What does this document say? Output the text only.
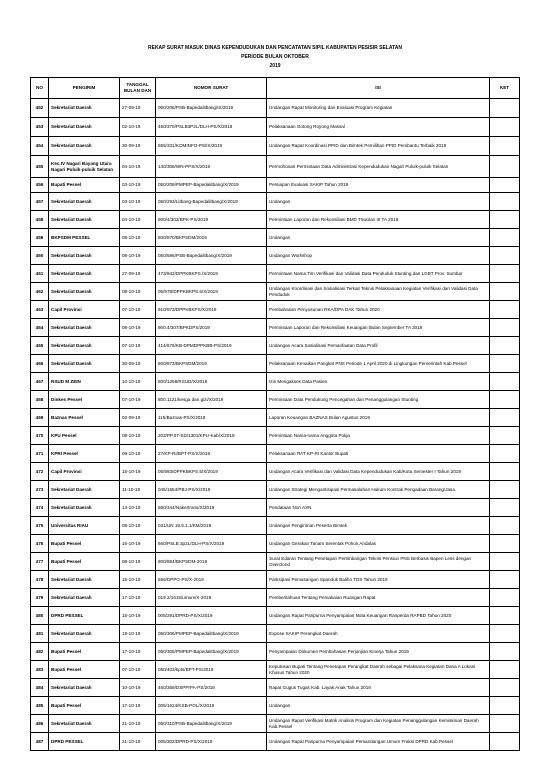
REKAP SURAT MASUK DINAS KEPENDUDUKAN DAN PENCATATAN SIPIL KABUPATEN PESISIR SELATAN
PERIODE BULAN OKTOBER
2019
NO	PENGIRIM	TANGGAL BULAN DAN	NOMOR SURAT	ISI	KET
452	Sekretariat Daerah	27-09-19	050/206/PSB-Bapedalitbang/IX/2019	Undangan Rapat Monitoring dan Evaluasi Program Kegiatan	
453	Sekretariat Daerah	02-10-19	460/370/PSLB3P2L/DLH-PS/X/2019	Pelaksanaan Gotong Royong Massal	
454	Sekretariat Daerah	30-09-19	555/331/KOMINFO-PS/IX/2019	Undangan Rapat Koordinasi PPID dan Bimtek Pemilihan PPID Pembantu Terbaik 2019	
455	Kec.IV Nagari Bayang Utara Nagari Puluik-puluik Selatan	04-10-19	140/306/WN-PPS/X/2019	Permohonan Permintaan Data Administrasi Kependudukan Nagari Puluik-puluik Selatan	
456	Bupati Pessel	03-10-19	050/209/PMPEP-Bapedalitbang/X/2019	Persiapan Evaluasi SAKIP Tahun 2019	
457	Sekretariat Daerah	03-10-19	050/293/Litbang-Bapedalitbang/X/2019	Undangan	
458	Sekretariat Daerah	04-10-19	900/4/302/BPK-PS/2019	Permintaan Laporan dan Rekonsiliasi BMD Triwulan III TA 2019	
459	BKPSDM PESSEL	08-10-19	800/870/BKPSDM/2019	Undangan	
460	Sekretariat Daerah	08-10-19	050/596/PSB-Bapedalitbang/X/2019	Undangan Workshop	
461	Sekretariat Daerah	27-09-19	473/942/DPPKBKPS./X/2019	Permintaan Nama Tim Verifikasi dan Validasi Data Penduduk Stunting dan LGBT Prov. Sumbar	
462	Sekretariat Daerah	08-10-19	05/978/DPPKBKPS.5/X/2019	Undangan Koordinasi dan Sosialisasi Terkait Teknis Pelaksanaan Kegiatan Verifikasi dan Validasi Data Penduduk	
463	Capil Provinsi	07-10-19	910/973/DPPKBKPS/X/2019	Pembahasan Penyusunan RKA/DPA DAK Tahun 2020	
464	Sekretariat Daerah	08-10-19	900.4/307/BPKDPS/2019	Permintaan Laporan dan Rekonsiliasi Keuangan Bulan September TA 2019	
465	Sekretariat Daerah	07-10-19	414/678/KB-DPMDPPKBB-PS/2019	Undangan Acara Sosialisasi Pemanfaatan Data Profil	
466	Sekretariat Daerah	30-09-19	800/873/BKPSDM/2019	Pelaksanaan Kenaikan Pangkat PNS Periode 1 April 2020 di Lingkungan Pemerintah Kab.Pessel	
467	RSUD M ZEIN	10-10-19	800/1268/RSUD/X/2019	Izin Mengakses Data Pasien	
468	Dinkes Pessel	07-10-19	800.1121/kesga dan gizi/X/2019	Permintaan Data Pendukung Pencegahan dan Penanggulangan Stunting	
469	Baznas Pessel	02-09-19	115/Baznas-PS/X/2019	Laporan Keuangan BAZNAS Bulan Agustus 2019	
470	KPU Pessel	08-10-19	202/PP.07-SD/1301/KPU-Kab/X/2019	Permintaan Nama-nama Anggota Pokja	
471	KPRI Pessel	09-10-19	27/KP-RI/BPT-PS/X/2019	Pelaksanaan RAT KP-RI Kantor Bupati	
472	Capil Provinsi	15-10-19	05/993/DPPKBKPS.5/X/2019	Undangan Acara Verifikasi dan Validasi Data Kependudukan Kab/Kota Semester I Tahun 2019	
473	Sekretariat Daerah	11-10-19	045/1554/PBJ-PS/X/2019	Undangan Strategi Mengantisipasi Permasalahan Hukum Kontrak Pengadaan Barang/Jasa	
474	Sekretariat Daerah	14-10-19	560/344/Nakertrans/X/2019	Pendataan Non ASN	
475	Universitas RIAU	08-10-19	031/UN 19.5.1.1/KM/2019	Undangan Pengiriman Peserta Bimtek	
476	Bupati Pessel	16-10-19	660/PSLB 3p2L/DLH-PS/X/2019	Undangan Gerakan Tanam Serentak Pohon Andalas	
477	Bupati Pessel	08-10-19	800/884/BKPSDM-2019	Surat Edaran Tentang Penetapan Pertimbangan Teknis Pensiun PNS Berbasis Bapen Less dengan Overclond	
478	Sekretariat Daerah	15-10-19	556/DPPO-PS/X-2019	Partisipasi Pemasangan Spanduk Baliho TDS Tahun 2019	
479	Sekretariat Daerah	17-10-19	019.2/1615/umum/X-2019	Pemberitahuan Tentang Pemakaian Ruangan Rapat	
480	DPRD PESSEL	15-10-19	005/291/DPRD-PS/X/2019	Undangan Rapat Paripurna Penyampaian Nota Keuangan Ranperda RAPBD Tahun 2020	
481	Sekretariat Daerah	18-10-19	050/306/PMPEP-Bapedalitbang/X/2019	Expose SAKIP Perangkat Daerah	
482	Bupati Pessel	17-10-19	050/305/PMPEP-Bapedalitbang/X/2019	Penyampaian Dokumen Pembahasan Perjanjian Kinerja Tahun 2019	
483	Bupati Pessel	07-10-19	050/403/kpts/BPT-PS/2019	Keputusan Bupati Tentang Penetapan Perangkat Daerah sebagai Pelaksana Kegiatan Dana A Lokasi Khusus Tahun 2020	
484	Sekretariat Daerah	10-10-19	460/369/DSPPrPA-PS/2019	Rapat Gugus Tugas Kab. Layak Anak Tahun 2019	
485	Bupati Pessel	17-10-19	005/1624/KSB-POL/X/2019	Undangan	
486	Sekretariat Daerah	21-10-19	050/310/PSB-Bapedalitbang/X/2019	Undangan Rapat Verifikasi Matrik Analisis Program dan Kegiatan Penanggulangan Kemiskinan Daerah Kab.Pessel	
487	DPRD PESSEL	21-10-19	005/302/DPRD-PS/X/2019	Undangan Rapat Paripurna Penyampaian Pemandangan Umum Fraksi DPRD Kab.Pessel	
